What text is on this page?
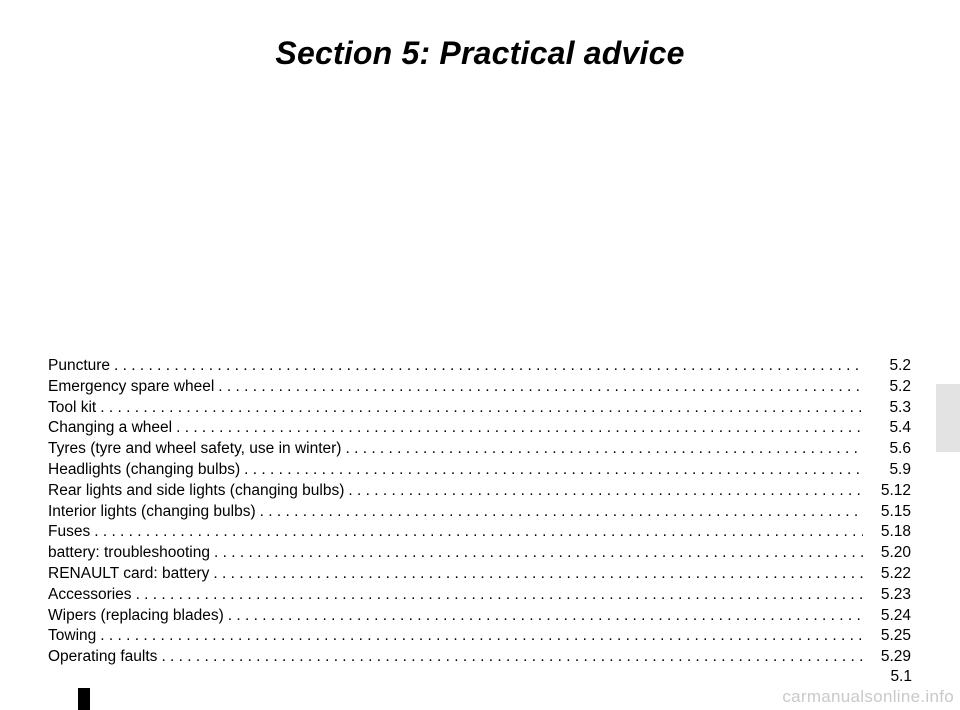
Section 5: Practical advice
Puncture . . .	5.2
Emergency spare wheel . . .	5.2
Tool kit . . .	5.3
Changing a wheel . . .	5.4
Tyres (tyre and wheel safety, use in winter) . . .	5.6
Headlights (changing bulbs) . . .	5.9
Rear lights and side lights (changing bulbs) . . .	5.12
Interior lights (changing bulbs) . . .	5.15
Fuses . . .	5.18
battery: troubleshooting . . .	5.20
RENAULT card: battery . . .	5.22
Accessories . . .	5.23
Wipers (replacing blades) . . .	5.24
Towing . . .	5.25
Operating faults . . .	5.29
5.1
carmanualsonline.info
